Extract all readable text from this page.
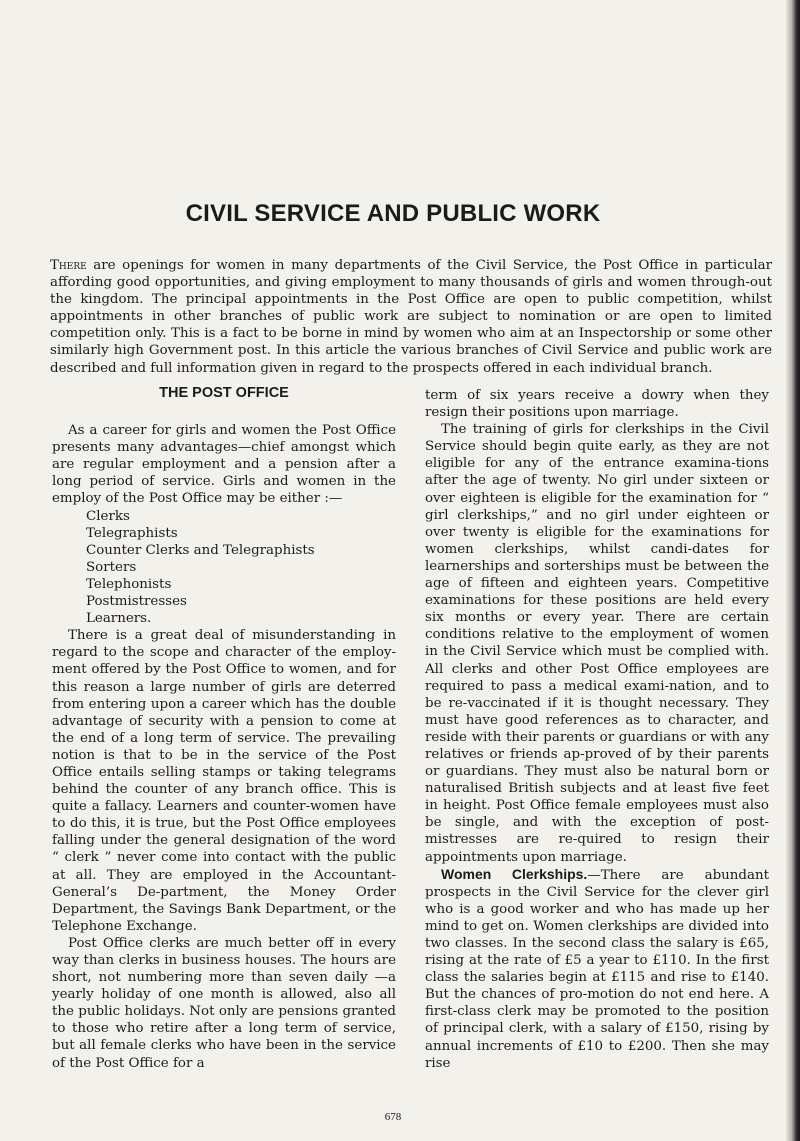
CIVIL SERVICE AND PUBLIC WORK

There are openings for women in many departments of the Civil Service, the Post Office in particular affording good opportunities, and giving employment to many thousands of girls and women through-out the kingdom. The principal appointments in the Post Office are open to public competition, whilst appointments in other branches of public work are subject to nomination or are open to limited competition only. This is a fact to be borne in mind by women who aim at an Inspectorship or some other similarly high Government post. In this article the various branches of Civil Service and public work are described and full information given in regard to the prospects offered in each individual branch.

THE POST OFFICE

As a career for girls and women the Post Office presents many advantages—chief amongst which are regular employment and a pension after a long period of service. Girls and women in the employ of the Post Office may be either :—

Clerks
Telegraphists
Counter Clerks and Telegraphists
Sorters
Telephonists
Postmistresses
Learners.

There is a great deal of misunderstanding in regard to the scope and character of the employ-ment offered by the Post Office to women, and for this reason a large number of girls are deterred from entering upon a career which has the double advantage of security with a pension to come at the end of a long term of service. The prevailing notion is that to be in the service of the Post Office entails selling stamps or taking telegrams behind the counter of any branch office. This is quite a fallacy. Learners and counter-women have to do this, it is true, but the Post Office employees falling under the general designation of the word “ clerk ” never come into contact with the public at all. They are employed in the Accountant-General’s De-partment, the Money Order Department, the Savings Bank Department, or the Telephone Exchange.

Post Office clerks are much better off in every way than clerks in business houses. The hours are short, not numbering more than seven daily —a yearly holiday of one month is allowed, also all the public holidays. Not only are pensions granted to those who retire after a long term of service, but all female clerks who have been in the service of the Post Office for a

term of six years receive a dowry when they resign their positions upon marriage.

The training of girls for clerkships in the Civil Service should begin quite early, as they are not eligible for any of the entrance examina-tions after the age of twenty. No girl under sixteen or over eighteen is eligible for the examination for “ girl clerkships,” and no girl under eighteen or over twenty is eligible for the examinations for women clerkships, whilst candi-dates for learnerships and sorterships must be between the age of fifteen and eighteen years. Competitive examinations for these positions are held every six months or every year. There are certain conditions relative to the employment of women in the Civil Service which must be complied with. All clerks and other Post Office employees are required to pass a medical exami-nation, and to be re-vaccinated if it is thought necessary. They must have good references as to character, and reside with their parents or guardians or with any relatives or friends ap-proved of by their parents or guardians. They must also be natural born or naturalised British subjects and at least five feet in height. Post Office female employees must also be single, and with the exception of post-mistresses are re-quired to resign their appointments upon marriage.

Women Clerkships.—There are abundant prospects in the Civil Service for the clever girl who is a good worker and who has made up her mind to get on. Women clerkships are divided into two classes. In the second class the salary is £65, rising at the rate of £5 a year to £110. In the first class the salaries begin at £115 and rise to £140. But the chances of pro-motion do not end here. A first-class clerk may be promoted to the position of principal clerk, with a salary of £150, rising by annual increments of £10 to £200. Then she may rise

678
